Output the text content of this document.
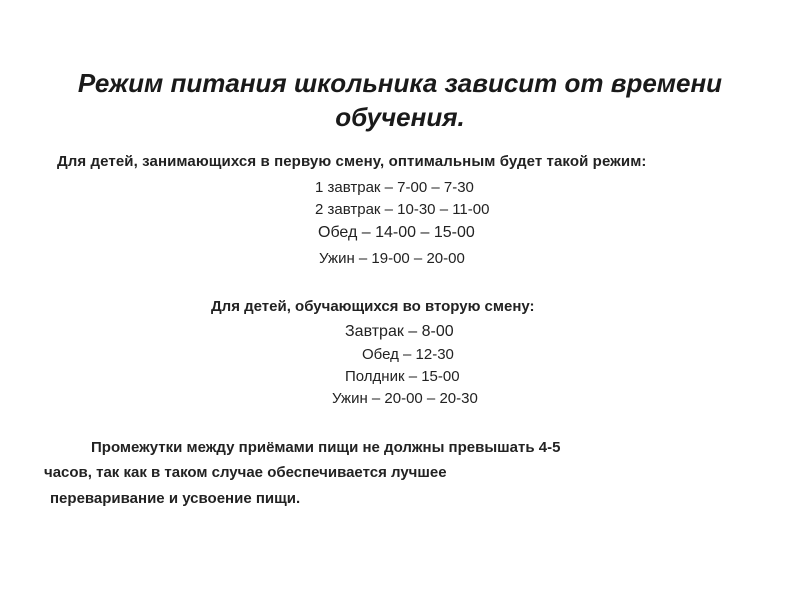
Режим питания школьника зависит от времени обучения.
Для детей, занимающихся в первую смену, оптимальным будет такой режим:
1 завтрак – 7-00 – 7-30
2 завтрак – 10-30 – 11-00
Обед – 14-00 – 15-00
Ужин – 19-00 – 20-00
Для детей, обучающихся во вторую смену:
Завтрак – 8-00
Обед – 12-30
Полдник – 15-00
Ужин – 20-00 – 20-30
Промежутки между приёмами пищи не должны превышать 4-5
часов, так как в таком случае обеспечивается лучшее
переваривание и усвоение пищи.
